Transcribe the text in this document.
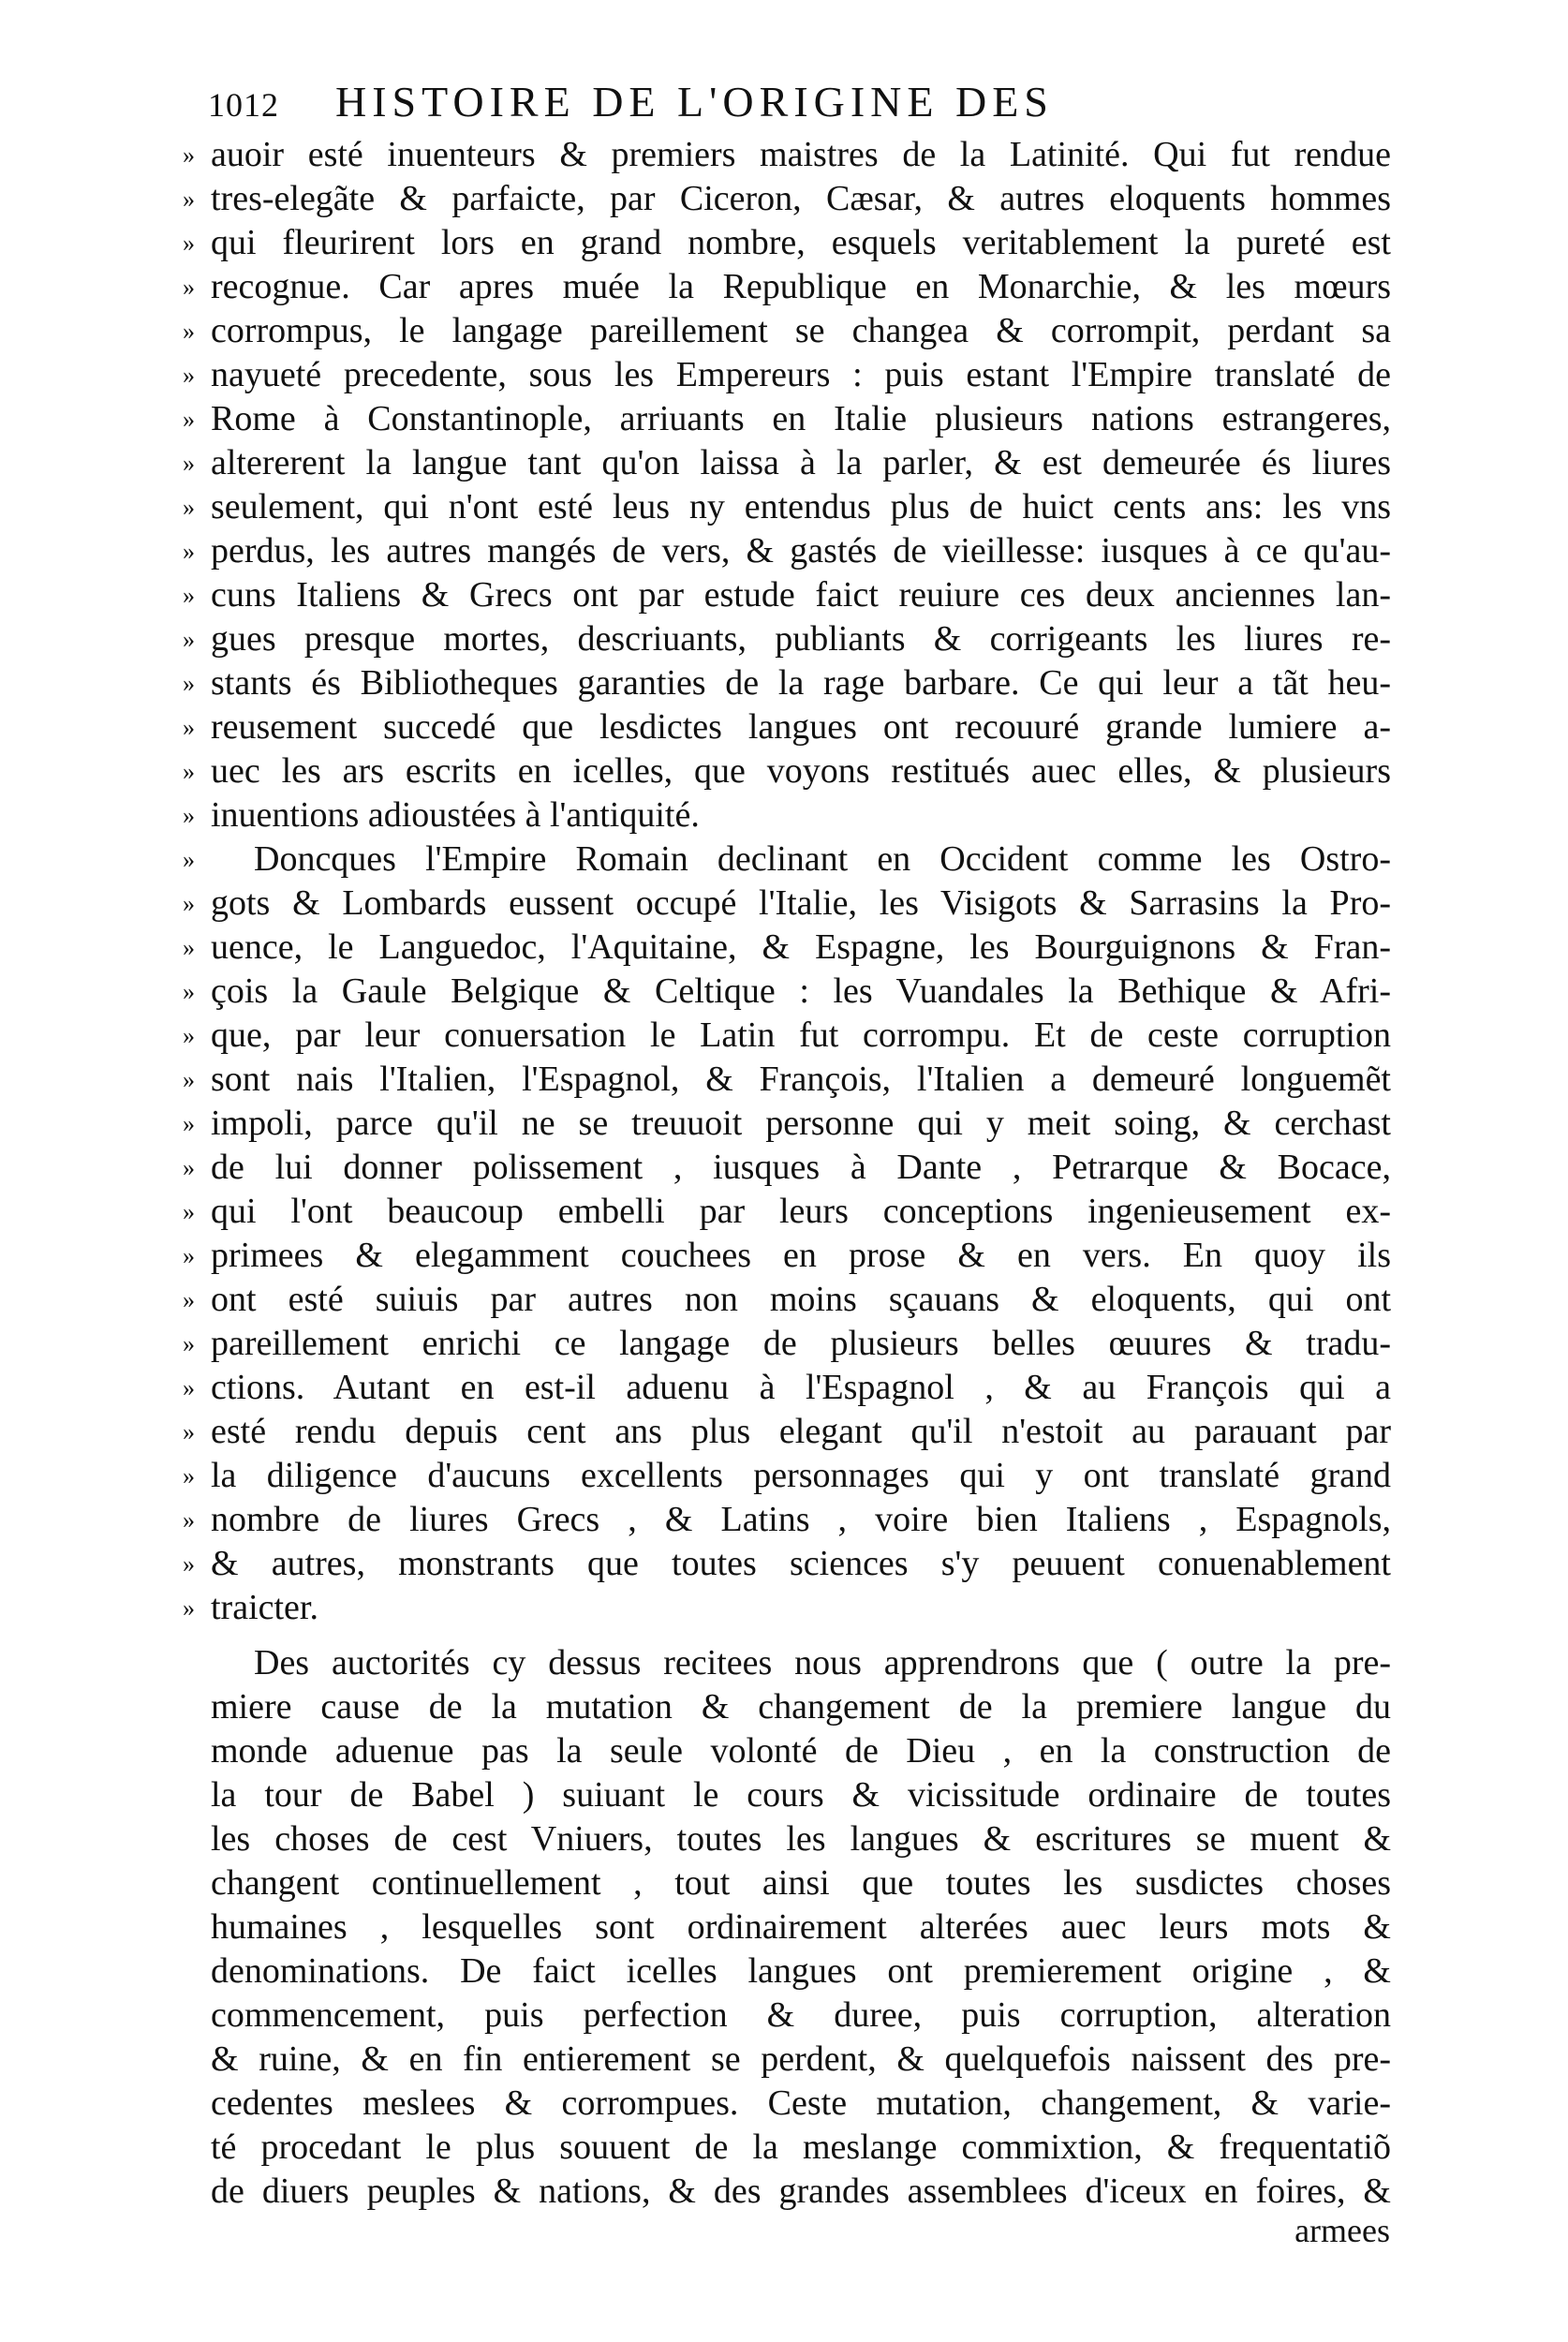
1012 HISTOIRE DE L'ORIGINE DES
» auoir esté inuenteurs & premiers maistres de la Latinité. Qui fut rendue
» tres-elegãte & parfaicte, par Ciceron, Cæsar, & autres eloquents hommes
» qui fleurirent lors en grand nombre, esquels veritablement la pureté est
» recognue. Car apres muée la Republique en Monarchie, & les mœurs
» corrompus, le langage pareillement se changea & corrompit, perdant sa
» nayueté precedente, sous les Empereurs : puis estant l'Empire translaté de
» Rome à Constantinople, arriuants en Italie plusieurs nations estrangeres,
» altererent la langue tant qu'on laissa à la parler, & est demeurée és liures
» seulement, qui n'ont esté leus ny entendus plus de huict cents ans: les vns
» perdus, les autres mangés de vers, & gastés de vieillesse: iusques à ce qu'au-
» cuns Italiens & Grecs ont par estude faict reuiure ces deux anciennes lan-
» gues presque mortes, descriuants, publiants & corrigeants les liures re-
» stants és Bibliotheques garanties de la rage barbare. Ce qui leur a tãt heu-
» reusement succedé que lesdictes langues ont recouuré grande lumiere a-
» uec les ars escrits en icelles, que voyons restitués auec elles, & plusieurs
» inuentions adioustées à l'antiquité.
» Doncques l'Empire Romain declinant en Occident comme les Ostro-
» gots & Lombards eussent occupé l'Italie, les Visigots & Sarrasins la Pro-
» uence, le Languedoc, l'Aquitaine, & Espagne, les Bourguignons & Fran-
» çois la Gaule Belgique & Celtique : les Vuandales la Bethique & Afri-
» que, par leur conuersation le Latin fut corrompu. Et de ceste corruption
» sont nais l'Italien, l'Espagnol, & François, l'Italien a demeuré longuemẽt
» impoli, parce qu'il ne se treuuoit personne qui y meit soing, & cerchast
» de lui donner polissement , iusques à Dante , Petrarque & Bocace,
» qui l'ont beaucoup embelli par leurs conceptions ingenieusement ex-
» primees & elegamment couchees en prose & en vers. En quoy ils
» ont esté suiuis par autres non moins sçauans & eloquents, qui ont
» pareillement enrichi ce langage de plusieurs belles œuures & tradu-
» ctions. Autant en est-il aduenu à l'Espagnol , & au François qui a
» esté rendu depuis cent ans plus elegant qu'il n'estoit au parauant par
» la diligence d'aucuns excellents personnages qui y ont translaté grand
» nombre de liures Grecs , & Latins , voire bien Italiens , Espagnols,
» & autres, monstrants que toutes sciences s'y peuuent conuenablement
» traicter.
Des auctorités cy dessus recitees nous apprendrons que ( outre la pre-
miere cause de la mutation & changement de la premiere langue du
monde aduenue pas la seule volonté de Dieu , en la construction de
la tour de Babel ) suiuant le cours & vicissitude ordinaire de toutes
les choses de cest Vniuers, toutes les langues & escritures se muent &
changent continuellement , tout ainsi que toutes les susdictes choses
humaines , lesquelles sont ordinairement alterées auec leurs mots &
denominations. De faict icelles langues ont premierement origine , &
commencement, puis perfection & duree, puis corruption, alteration
& ruine, & en fin entierement se perdent, & quelquefois naissent des pre-
cedentes meslees & corrompues. Ceste mutation, changement, & varie-
té procedant le plus souuent de la meslange commixtion, & frequentatiõ
de diuers peuples & nations, & des grandes assemblees d'iceux en foires, &
armees
